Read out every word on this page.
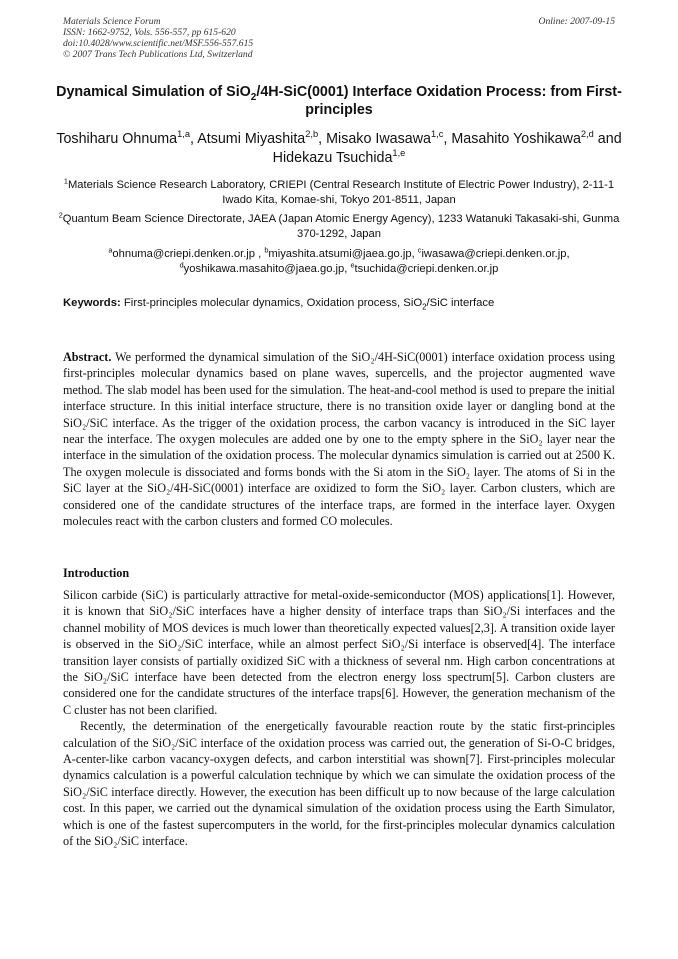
Materials Science Forum
ISSN: 1662-9752, Vols. 556-557, pp 615-620
doi:10.4028/www.scientific.net/MSF.556-557.615
© 2007 Trans Tech Publications Ltd, Switzerland
Online: 2007-09-15
Dynamical Simulation of SiO$_2$/4H-SiC(0001) Interface Oxidation Process: from First-principles
Toshiharu Ohnuma$^{1,a}$, Atsumi Miyashita$^{2,b}$, Misako Iwasawa$^{1,c}$, Masahito Yoshikawa$^{2,d}$ and Hidekazu Tsuchida$^{1,e}$
$^1$Materials Science Research Laboratory, CRIEPI (Central Research Institute of Electric Power Industry), 2-11-1 Iwado Kita, Komae-shi, Tokyo 201-8511, Japan
$^2$Quantum Beam Science Directorate, JAEA (Japan Atomic Energy Agency), 1233 Watanuki Takasaki-shi, Gunma 370-1292, Japan
$^a$ohnuma@criepi.denken.or.jp , $^b$miyashita.atsumi@jaea.go.jp, $^c$iwasawa@criepi.denken.or.jp, $^d$yoshikawa.masahito@jaea.go.jp, $^e$tsuchida@criepi.denken.or.jp
Keywords: First-principles molecular dynamics, Oxidation process, SiO$_2$/SiC interface

Abstract. We performed the dynamical simulation of the SiO₂/4H-SiC(0001) interface oxidation process using first-principles molecular dynamics based on plane waves, supercells, and the projector augmented wave method. The slab model has been used for the simulation. The heat-and-cool method is used to prepare the initial interface structure. In this initial interface structure, there is no transition oxide layer or dangling bond at the SiO₂/SiC interface. As the trigger of the oxidation process, the carbon vacancy is introduced in the SiC layer near the interface. The oxygen molecules are added one by one to the empty sphere in the SiO₂ layer near the interface in the simulation of the oxidation process. The molecular dynamics simulation is carried out at 2500 K. The oxygen molecule is dissociated and forms bonds with the Si atom in the SiO₂ layer. The atoms of Si in the SiC layer at the SiO₂/4H-SiC(0001) interface are oxidized to form the SiO₂ layer. Carbon clusters, which are considered one of the candidate structures of the interface traps, are formed in the interface layer. Oxygen molecules react with the carbon clusters and formed CO molecules.

Introduction

Silicon carbide (SiC) is particularly attractive for metal-oxide-semiconductor (MOS) applications[1]. However, it is known that SiO₂/SiC interfaces have a higher density of interface traps than SiO₂/Si interfaces and the channel mobility of MOS devices is much lower than theoretically expected values[2,3]. A transition oxide layer is observed in the SiO₂/SiC interface, while an almost perfect SiO₂/Si interface is observed[4]. The interface transition layer consists of partially oxidized SiC with a thickness of several nm. High carbon concentrations at the SiO₂/SiC interface have been detected from the electron energy loss spectrum[5]. Carbon clusters are considered one for the candidate structures of the interface traps[6]. However, the generation mechanism of the C cluster has not been clarified.

Recently, the determination of the energetically favourable reaction route by the static first-principles calculation of the SiO₂/SiC interface of the oxidation process was carried out, the generation of Si-O-C bridges, A-center-like carbon vacancy-oxygen defects, and carbon interstitial was shown[7]. First-principles molecular dynamics calculation is a powerful calculation technique by which we can simulate the oxidation process of the SiO₂/SiC interface directly. However, the execution has been difficult up to now because of the large calculation cost. In this paper, we carried out the dynamical simulation of the oxidation process using the Earth Simulator, which is one of the fastest supercomputers in the world, for the first-principles molecular dynamics calculation of the SiO₂/SiC interface.
